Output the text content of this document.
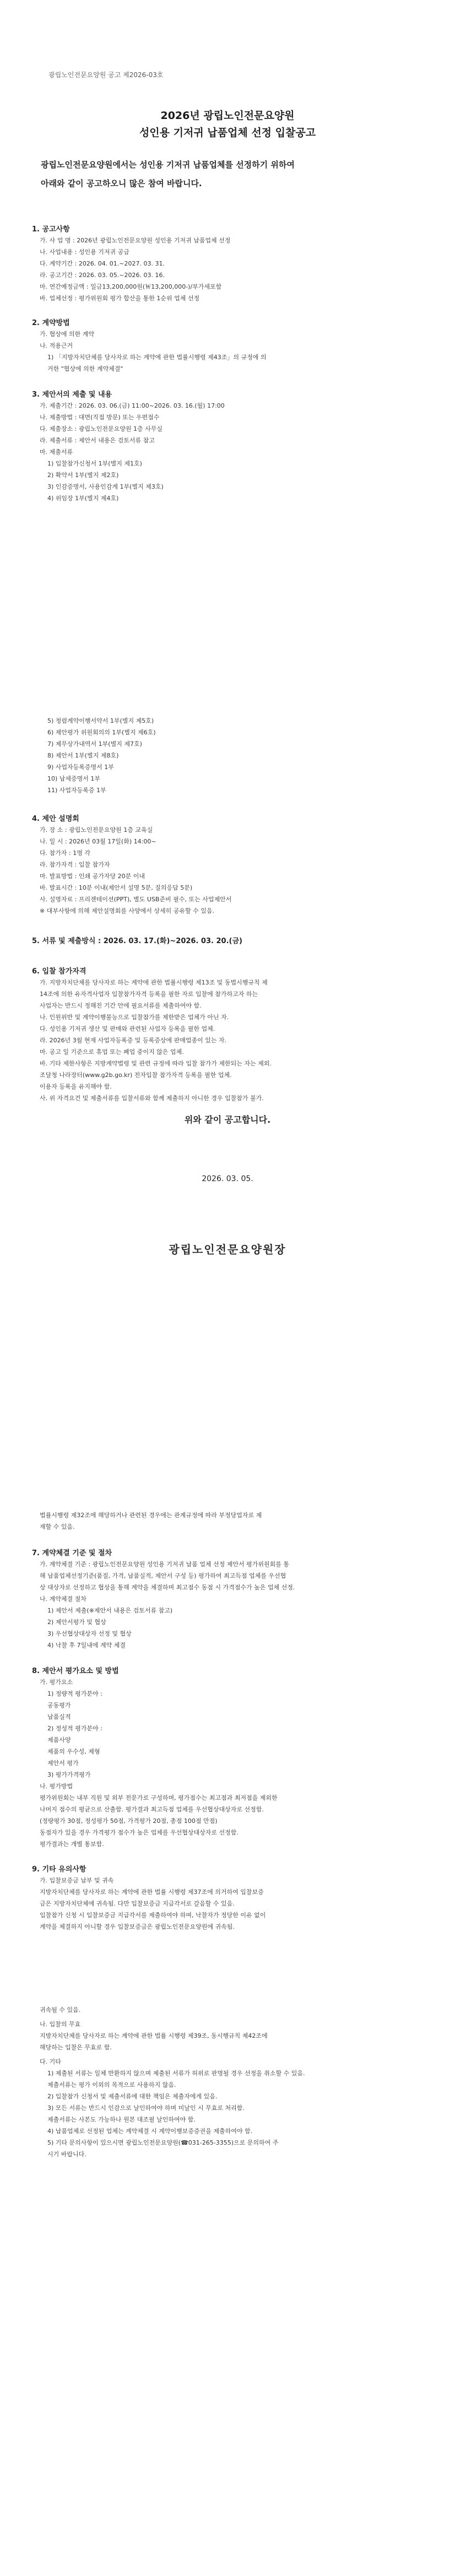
광립노인전문요양원 공고 제2026-03호
2026년 광립노인전문요양원
성인용 기저귀 납품업체 선정 입찰공고
광립노인전문요양원에서는 성인용 기저귀 납품업체를 선정하기 위하여
아래와 같이 공고하오니 많은 참여 바랍니다.
1. 공고사항
가. 사 업 명 : 2026년 광립노인전문요양원 성인용 기저귀 납품업체 선정
나. 사업내용 : 성인용 기저귀 공급
다. 계약기간 : 2026. 04. 01.~2027. 03. 31.
라. 공고기간 : 2026. 03. 05.~2026. 03. 16.
마. 연간예정금액 : 일금13,200,000원(￦13,200,000-)/부가세포함
바. 업체선정 : 평가위원회 평가 합산을 통한 1순위 업체 선정
2. 계약방법
가. 협상에 의한 계약
나. 적용근거
1) 「지방자치단체를 당사자로 하는 계약에 관한 법률시행령 제43조」의 규정에 의
거한 "협상에 의한 계약체결"
3. 제안서의 제출 및 내용
가. 제출기간 : 2026. 03. 06.(금) 11:00~2026. 03. 16.(월) 17:00
나. 제출방법 : 대면(직접 방문) 또는 우편접수
다. 제출장소 : 광립노인전문요양원 1층 사무실
라. 제출서류 : 제안서 내용은 검토서류 참고
마. 제출서류
1) 입찰참가신청서 1부(별지 제1호)
2) 확약서 1부(별지 제2호)
3) 인감증명서, 사용인감계 1부(별지 제3호)
4) 위임장 1부(별지 제4호)
5) 청렴계약이행서약서 1부(별지 제5호)
6) 제안평가 위원회의의 1부(별지 제6호)
7) 제무상가내역서 1부(별지 제7호)
8) 제안서 1부(별지 제8호)
9) 사업자등록증명서 1부
10) 납세증명서 1부
11) 사업자등록증 1부
4. 제안 설명회
가. 장 소 : 광립노인전문요양원 1층 교육실
나. 일 시 : 2026년 03월 17일(화) 14:00~
다. 참가자 : 1명 각
라. 참가자격 : 입찰 참가자
마. 발표방법 : 인쇄 공가자당 20분 이내
바. 발표시간 : 10분 이내(제안서 설명 5분, 질의응답 5분)
사. 설명자료 : 프리젠테이션(PPT), 별도 USB준비 필수, 또는 사업제안서
※ 대부사항에 의해 제안설명회를 사양에서 상세히 공유할 수 있음.
5. 서류 및 제출방식 : 2026. 03. 17.(화)~2026. 03. 20.(금)
6. 입찰 참가자격
가. 지방자치단체를 당사자로 하는 계약에 관한 법률시행령 제13조 및 동법시행규칙 제
14조에 의한 유자격사업자 입찰참가자격 등록을 필한 자로 입찰에 참가하고자 하는
사업자는 반드시 정해진 기간 안에 필요서류를 제출하여야 함.
나. 인원위반 및 계약이행불능으로 입찰참가를 제한받은 업체가 아닌 자.
다. 성인용 기저귀 생산 및 판매와 관련된 사업자 등록을 필한 업체.
라. 2026년 3월 현재 사업자등록증 및 등록증상에 판매업종이 있는 자.
마. 공고 일 기준으로 휴업 또는 폐업 중이지 않은 업체.
바. 기타 제한사항은 지방계약법령 및 관련 규정에 따라 입찰 참가가 제한되는 자는 제외.
조달청 나라장터(www.g2b.go.kr) 전자입찰 참가자격 등록을 필한 업체.
이용자 등록을 유지해야 함.
사. 위 자격요건 및 제출서류를 입찰서류와 함께 제출하지 아니한 경우 입찰참가 불가.
법률시행령 제32조에 해당하거나 관련된 경우에는 관계규정에 따라 부정당업자로 제
재할 수 있음.
7. 계약체결 기준 및 절차
가. 계약체결 기준 : 광립노인전문요양원 성인용 기저귀 납품 업체 선정 제안서 평가위원회를 통
해 납품업체선정기준(품질, 가격, 납품실적, 제안서 구성 등) 평가하여 최고득점 업체를 우선협
상 대상자로 선정하고 협상을 통해 계약을 체결하며 최고점수 동점 시 가격점수가 높은 업체 선정.
나. 계약체결 절차
1) 제안서 제출(※제안서 내용은 검토서류 참고)
2) 제안서평가 및 협상
3) 우선협상대상자 선정 및 협상
4) 낙찰 후 7일내에 계약 체결
8. 제안서 평가요소 및 방법
가. 평가요소
1) 정량적 평가분야 :
공동평가
납품실적
2) 정성적 평가분야 :
제품사양
제품의 우수성, 제형
제안서 평가
3) 평가가격평가
나. 평가방법
평가위원회는 내부 직원 및 외부 전문가로 구성하며, 평가점수는 최고점과 최저점을 제외한
나머지 점수의 평균으로 산출함. 평가결과 최고득점 업체를 우선협상대상자로 선정함.
(정량평가 30점, 정성평가 50점, 가격평가 20점, 총점 100점 만점)
동점자가 있을 경우 가격평가 점수가 높은 업체를 우선협상대상자로 선정함.
평가결과는 개별 통보함.
9. 기타 유의사항
가. 입찰보증금 납부 및 귀속
지방자치단체를 당사자로 하는 계약에 관한 법률 시행령 제37조에 의거하여 입찰보증
금은 지방자치단체에 귀속됨. 다만 입찰보증금 지급각서로 갈음할 수 있음.
입찰참가 신청 시 입찰보증금 지급각서를 제출하여야 하며, 낙찰자가 정당한 이유 없이
계약을 체결하지 아니할 경우 입찰보증금은 광립노인전문요양원에 귀속됨.
귀속될 수 있음.
나. 입찰의 무효
지방자치단체를 당사자로 하는 계약에 관한 법률 시행령 제39조, 동시행규칙 제42조에
해당하는 입찰은 무효로 함.
다. 기타
1) 제출된 서류는 일체 반환하지 않으며 제출된 서류가 허위로 판명될 경우 선정을 취소할 수 있음.
제출서류는 평가 이외의 목적으로 사용하지 않음.
2) 입찰참가 신청서 및 제출서류에 대한 책임은 제출자에게 있음.
3) 모든 서류는 반드시 인감으로 날인하여야 하며 미날인 시 무효로 처리함.
제출서류는 사본도 가능하나 원본 대조필 날인하여야 함.
4) 납품업체로 선정된 업체는 계약체결 시 계약이행보증증권을 제출하여야 함.
5) 기타 문의사항이 있으시면 광립노인전문요양원(☎031-265-3355)으로 문의하여 주
시기 바랍니다.
위와 같이 공고합니다.
2026. 03. 05.
광립노인전문요양원장
